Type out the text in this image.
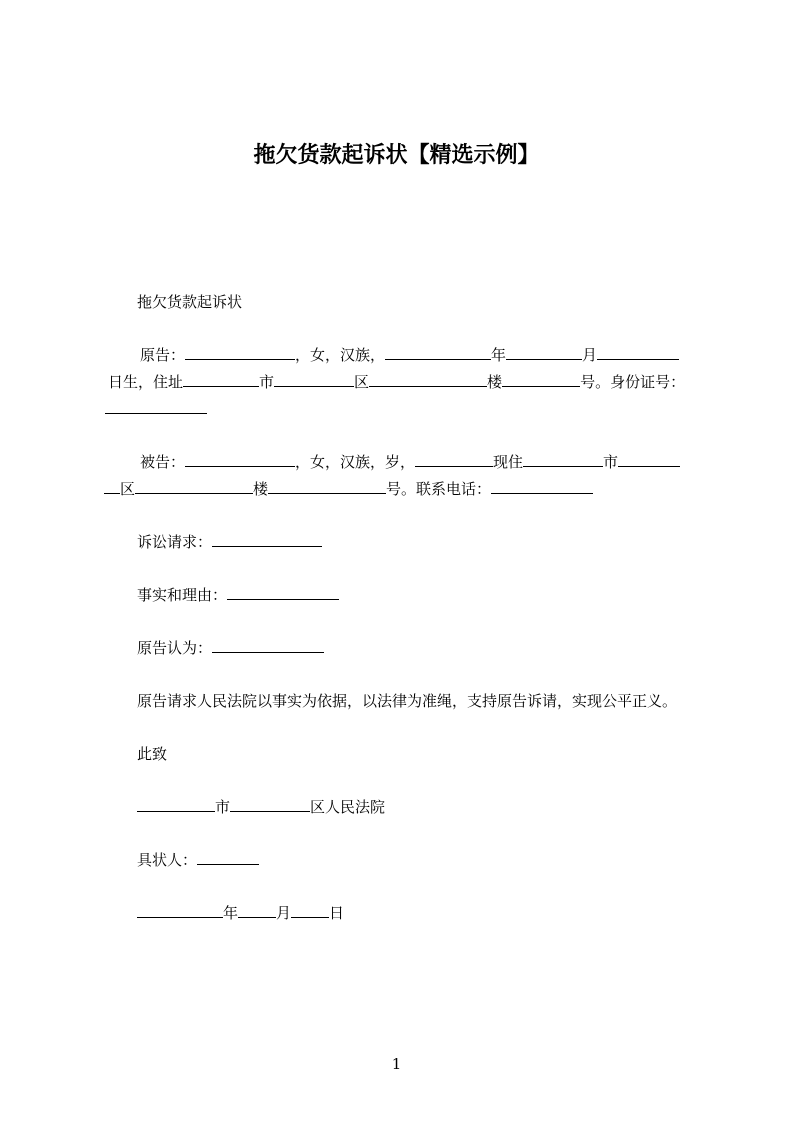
拖欠货款起诉状【精选示例】
拖欠货款起诉状
原告：	，女，汉族，	年	月
日生，住址	市	区	楼	号。身份证号：
被告：	，女，汉族，岁，	现住	市
区	楼	号。联系电话：
诉讼请求：
事实和理由：
原告认为：
原告请求人民法院以事实为依据，以法律为准绳，支持原告诉请，实现公平正义。
此致
市	区人民法院
具状人：
年	月	日
1
